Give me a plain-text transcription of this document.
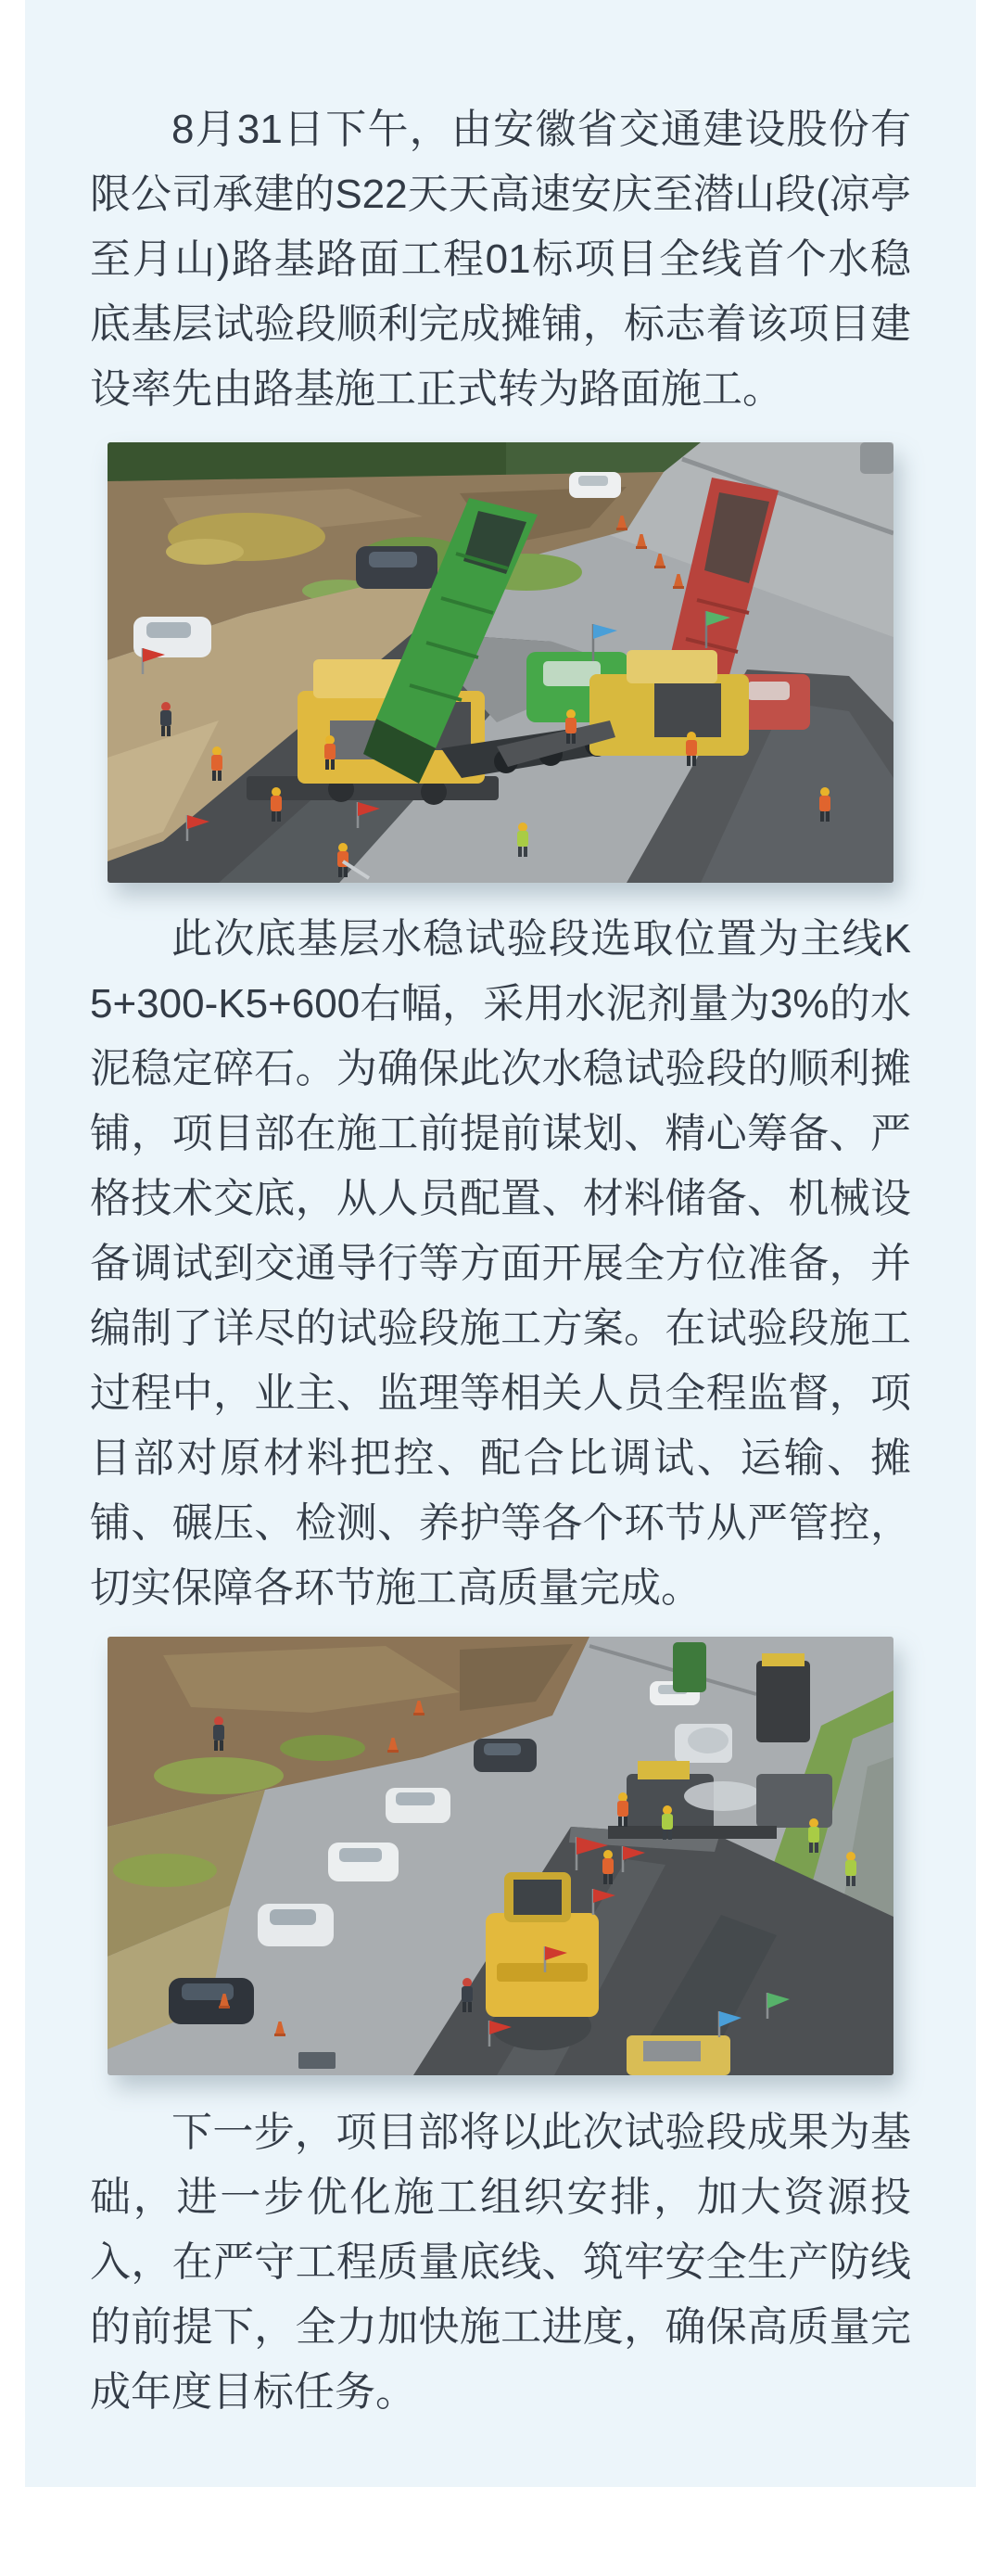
8月31日下午，由安徽省交通建设股份有限公司承建的S22天天高速安庆至潜山段(凉亭至月山)路基路面工程01标项目全线首个水稳底基层试验段顺利完成摊铺，标志着该项目建设率先由路基施工正式转为路面施工。

此次底基层水稳试验段选取位置为主线K5+300-K5+600右幅，采用水泥剂量为3%的水泥稳定碎石。为确保此次水稳试验段的顺利摊铺，项目部在施工前提前谋划、精心筹备、严格技术交底，从人员配置、材料储备、机械设备调试到交通导行等方面开展全方位准备，并编制了详尽的试验段施工方案。在试验段施工过程中，业主、监理等相关人员全程监督，项目部对原材料把控、配合比调试、运输、摊铺、碾压、检测、养护等各个环节从严管控，切实保障各环节施工高质量完成。

下一步，项目部将以此次试验段成果为基础，进一步优化施工组织安排，加大资源投入，在严守工程质量底线、筑牢安全生产防线的前提下，全力加快施工进度，确保高质量完成年度目标任务。
